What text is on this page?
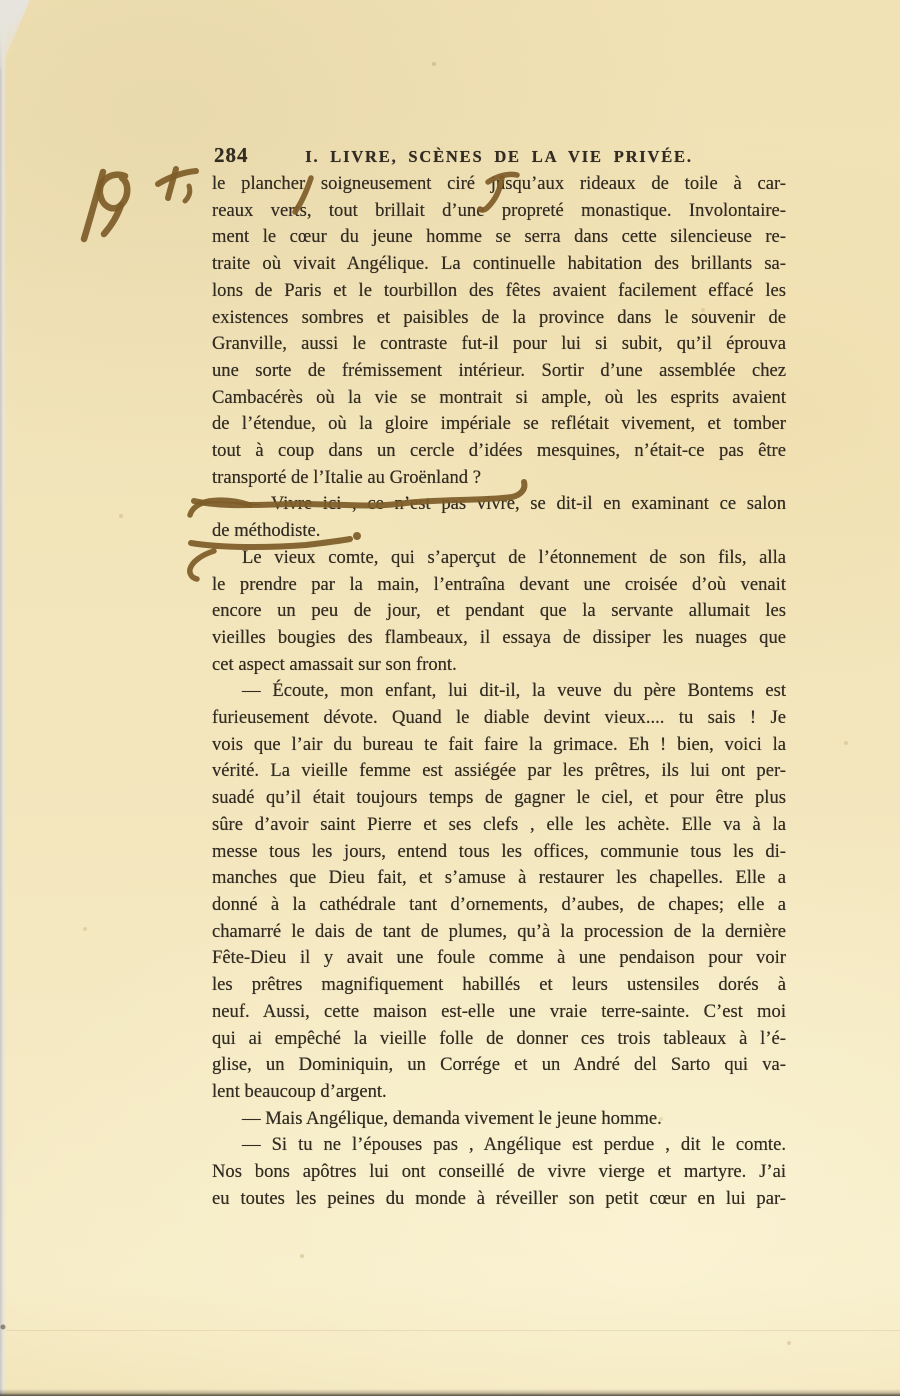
284	I. LIVRE, SCÈNES DE LA VIE PRIVÉE.
le plancher soigneusement ciré jusqu’aux rideaux de toile à car-
reaux verts, tout brillait d’une propreté monastique. Involontaire-
ment le cœur du jeune homme se serra dans cette silencieuse re-
traite où vivait Angélique. La continuelle habitation des brillants sa-
lons de Paris et le tourbillon des fêtes avaient facilement effacé les
existences sombres et paisibles de la province dans le souvenir de
Granville, aussi le contraste fut-il pour lui si subit, qu’il éprouva
une sorte de frémissement intérieur. Sortir d’une assemblée chez
Cambacérès où la vie se montrait si ample, où les esprits avaient
de l’étendue, où la gloire impériale se reflétait vivement, et tomber
tout à coup dans un cercle d’idées mesquines, n’était-ce pas être
transporté de l’Italie au Groënland ?
— Vivre ici , ce n’est pas vivre, se dit-il en examinant ce salon
de méthodiste.
Le vieux comte, qui s’aperçut de l’étonnement de son fils, alla
le prendre par la main, l’entraîna devant une croisée d’où venait
encore un peu de jour, et pendant que la servante allumait les
vieilles bougies des flambeaux, il essaya de dissiper les nuages que
cet aspect amassait sur son front.
— Écoute, mon enfant, lui dit-il, la veuve du père Bontems est
furieusement dévote. Quand le diable devint vieux.... tu sais ! Je
vois que l’air du bureau te fait faire la grimace. Eh ! bien, voici la
vérité. La vieille femme est assiégée par les prêtres, ils lui ont per-
suadé qu’il était toujours temps de gagner le ciel, et pour être plus
sûre d’avoir saint Pierre et ses clefs , elle les achète. Elle va à la
messe tous les jours, entend tous les offices, communie tous les di-
manches que Dieu fait, et s’amuse à restaurer les chapelles. Elle a
donné à la cathédrale tant d’ornements, d’aubes, de chapes; elle a
chamarré le dais de tant de plumes, qu’à la procession de la dernière
Fête-Dieu il y avait une foule comme à une pendaison pour voir
les prêtres magnifiquement habillés et leurs ustensiles dorés à
neuf. Aussi, cette maison est-elle une vraie terre-sainte. C’est moi
qui ai empêché la vieille folle de donner ces trois tableaux à l’é-
glise, un Dominiquin, un Corrége et un André del Sarto qui va-
lent beaucoup d’argent.
— Mais Angélique, demanda vivement le jeune homme.
— Si tu ne l’épouses pas , Angélique est perdue , dit le comte.
Nos bons apôtres lui ont conseillé de vivre vierge et martyre. J’ai
eu toutes les peines du monde à réveiller son petit cœur en lui par-
